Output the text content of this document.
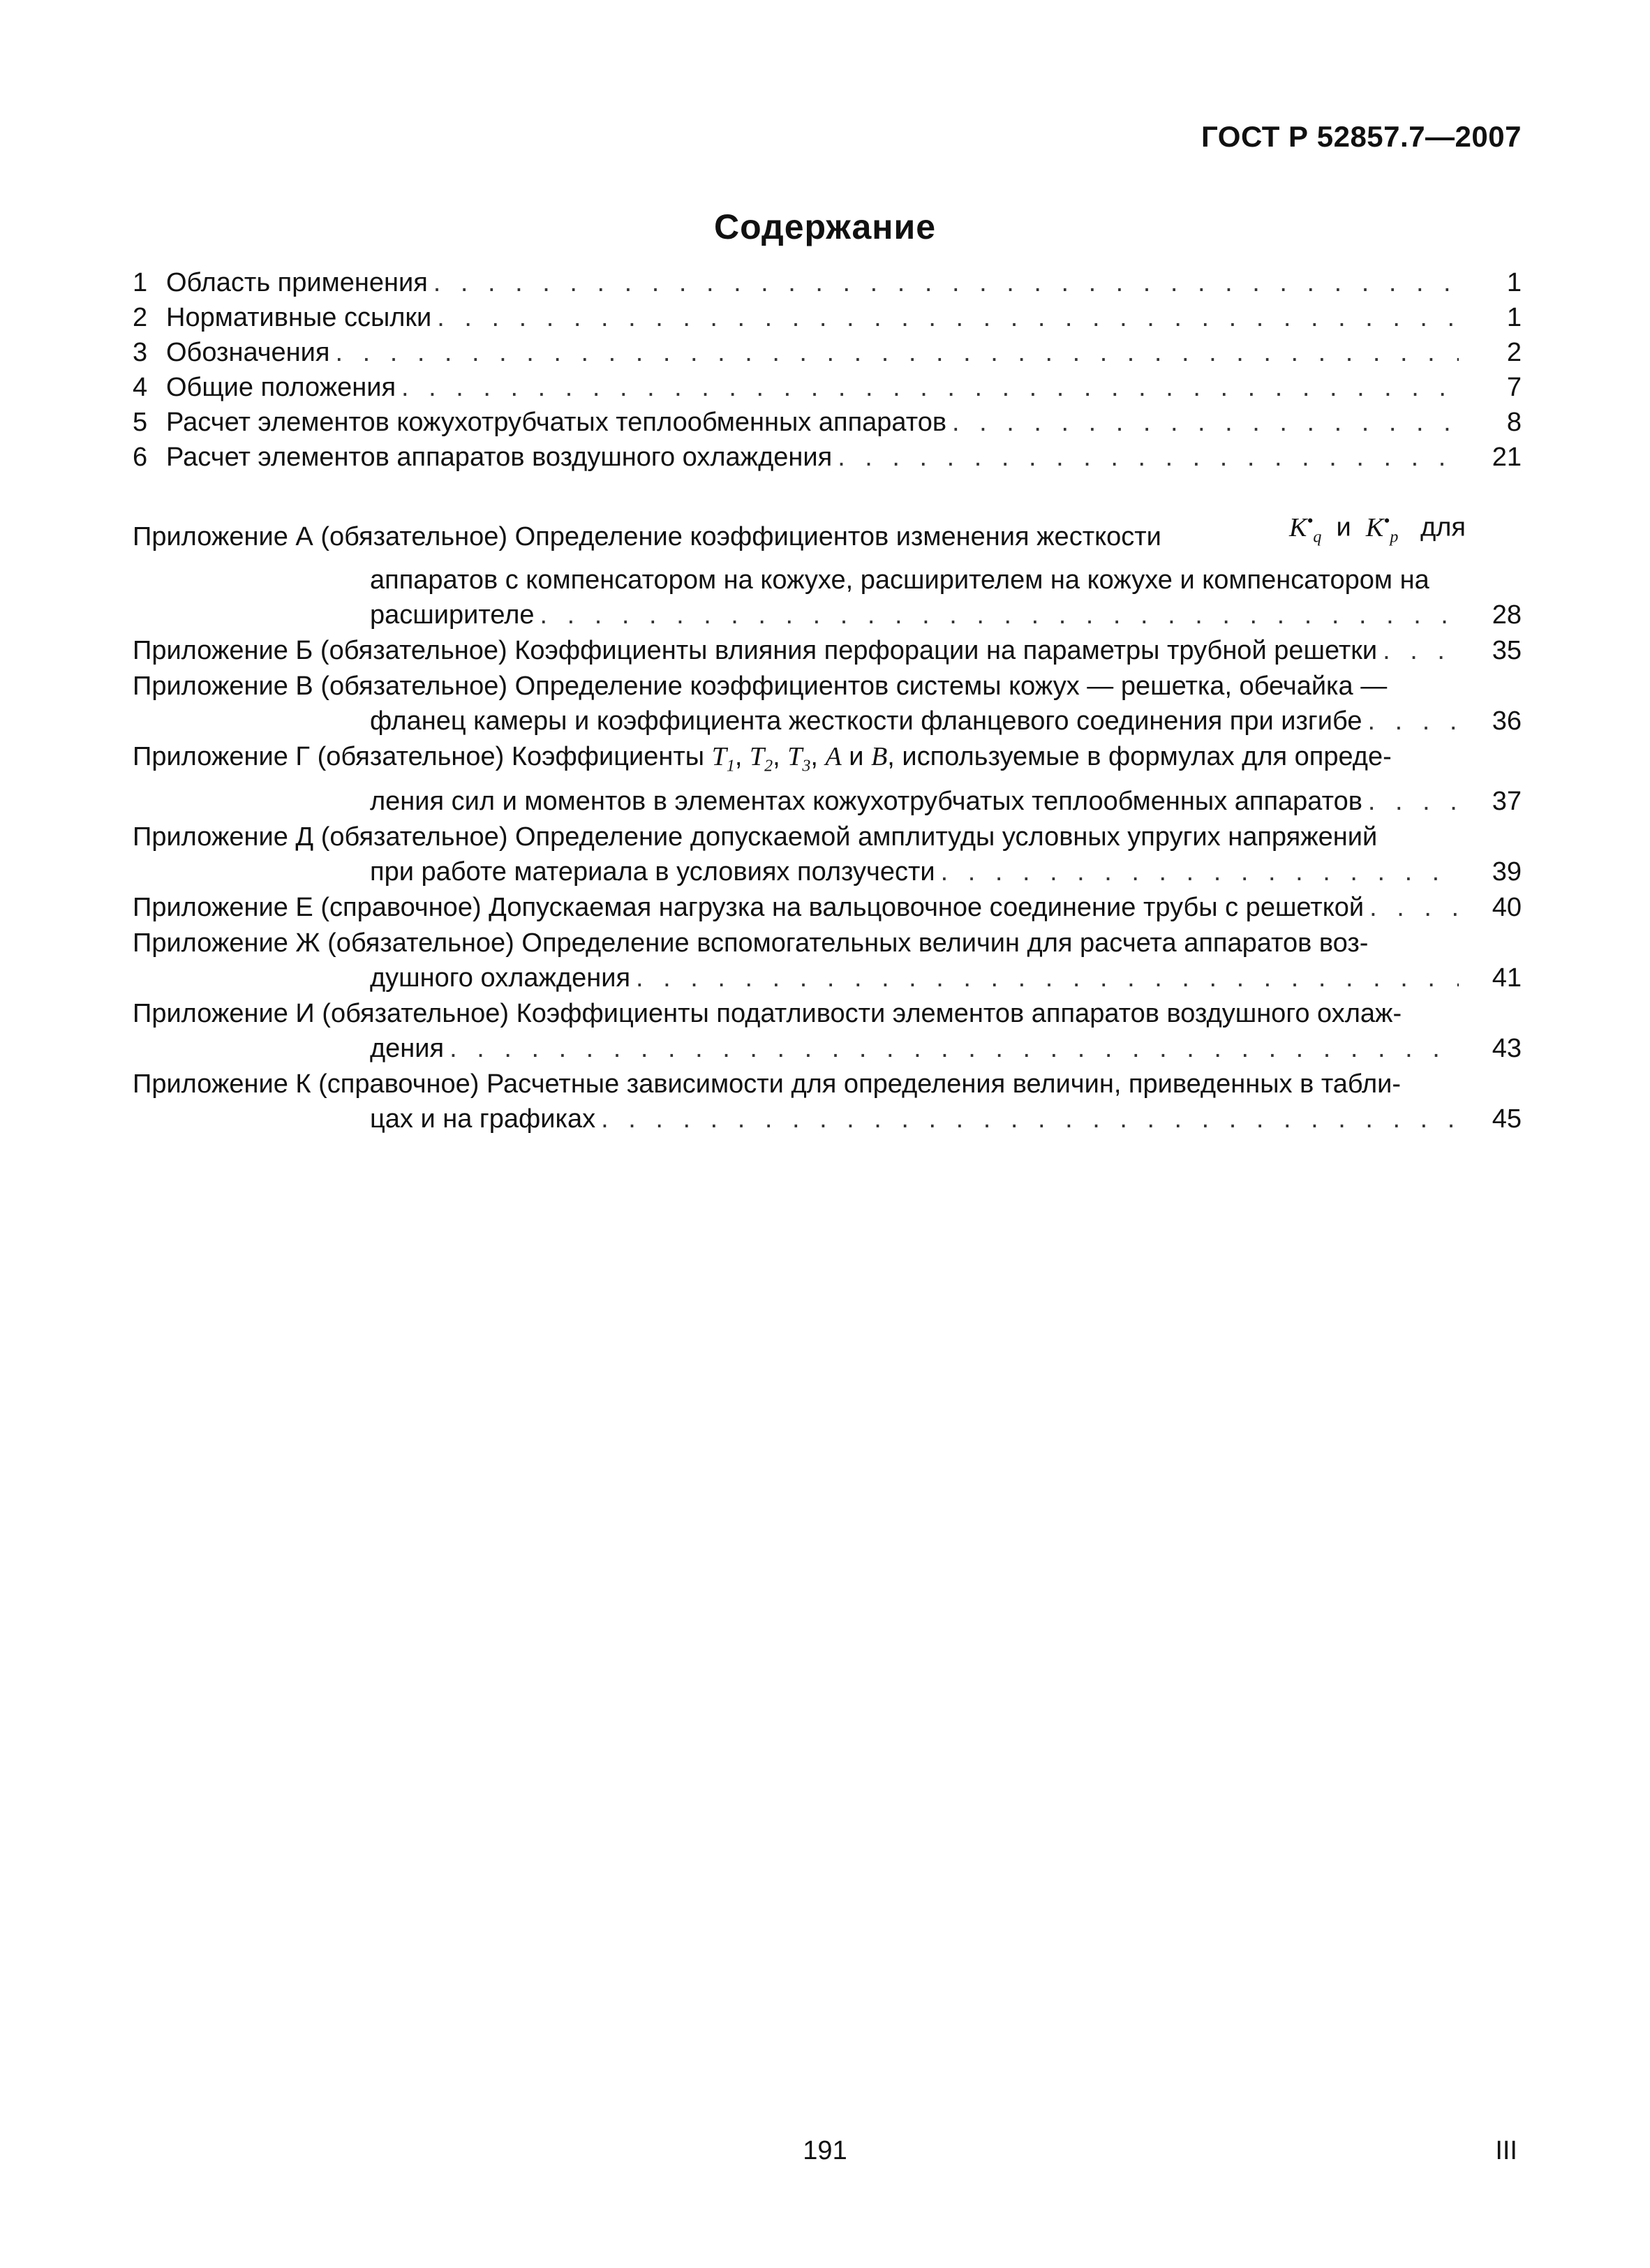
ГОСТ Р 52857.7—2007
Содержание
1 Область применения . . .	1
2 Нормативные ссылки . . .	1
3 Обозначения . . .	2
4 Общие положения . . .	7
5 Расчет элементов кожухотрубчатых теплообменных аппаратов . . .	8
6 Расчет элементов аппаратов воздушного охлаждения . . .	21
Приложение А (обязательное) Определение коэффициентов изменения жесткости	$K^•_q$ и $K^•_p$ для
аппаратов с компенсатором на кожухе, расширителем на кожухе и компенсатором на
расширителе . . .	28
Приложение Б (обязательное) Коэффициенты влияния перфорации на параметры трубной решетки . . .	35
Приложение В (обязательное) Определение коэффициентов системы кожух — решетка, обечайка —
фланец камеры и коэффициента жесткости фланцевого соединения при изгибе . . .	36
Приложение Г (обязательное) Коэффициенты $T_1$, $T_2$, $T_3$, A и B, используемые в формулах для опреде-
ления сил и моментов в элементах кожухотрубчатых теплообменных аппаратов . . .	37
Приложение Д (обязательное) Определение допускаемой амплитуды условных упругих напряжений
при работе материала в условиях ползучести . . .	39
Приложение Е (справочное) Допускаемая нагрузка на вальцовочное соединение трубы с решеткой . . .	40
Приложение Ж (обязательное) Определение вспомогательных величин для расчета аппаратов воз-
душного охлаждения . . .	41
Приложение И (обязательное) Коэффициенты податливости элементов аппаратов воздушного охлаж-
дения . . .	43
Приложение К (справочное) Расчетные зависимости для определения величин, приведенных в табли-
цах и на графиках . . .	45
191	III
